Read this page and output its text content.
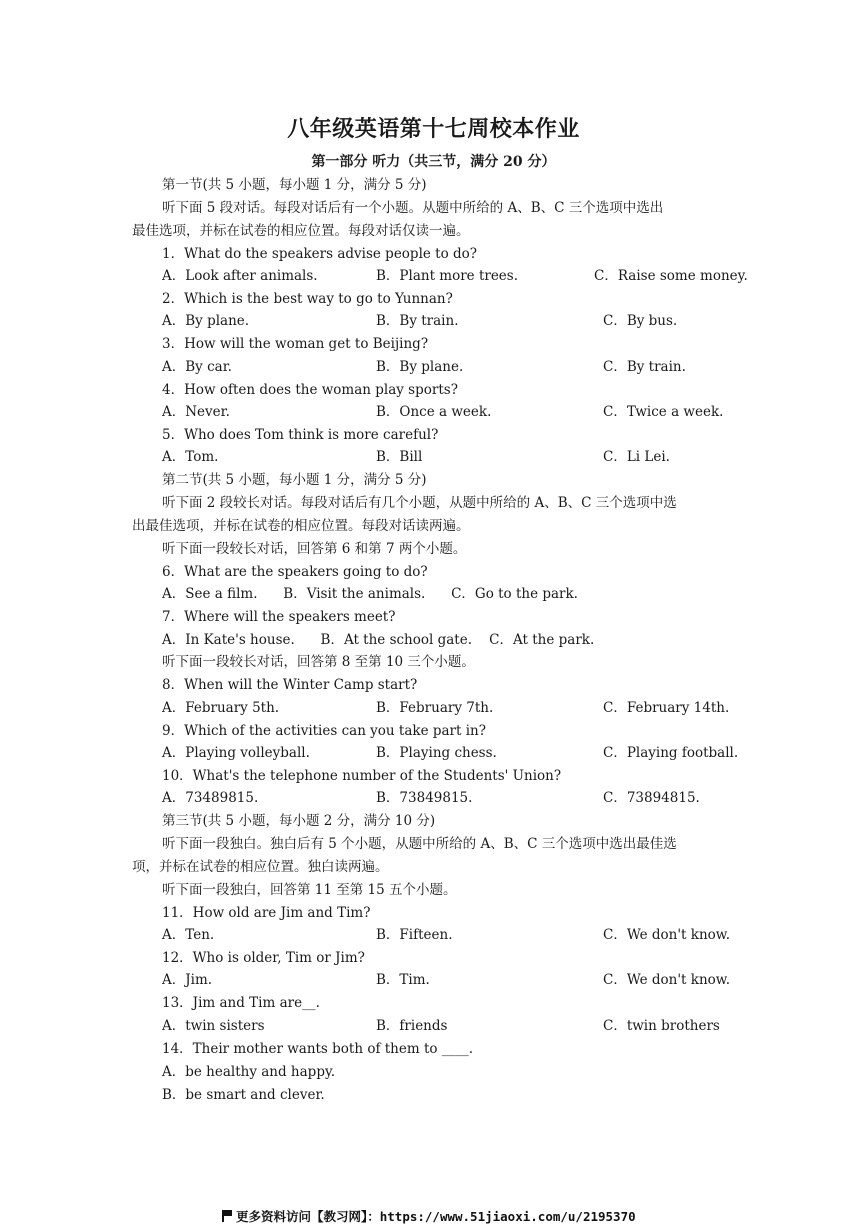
八年级英语第十七周校本作业
第一部分 听力（共三节，满分 20 分）
第一节(共 5 小题，每小题 1 分，满分 5 分)
听下面 5 段对话。每段对话后有一个小题。从题中所给的 A、B、C 三个选项中选出
最佳选项，并标在试卷的相应位置。每段对话仅读一遍。
1．What do the speakers advise people to do?
A．Look after animals.	B．Plant more trees.	C．Raise some money.
2．Which is the best way to go to Yunnan?
A．By plane.	B．By train.	C．By bus.
3．How will the woman get to Beijing?
A．By car.	B．By plane.	C．By train.
4．How often does the woman play sports?
A．Never.	B．Once a week.	C．Twice a week.
5．Who does Tom think is more careful?
A．Tom.	B．Bill	C．Li Lei.
第二节(共 5 小题，每小题 1 分，满分 5 分)
听下面 2 段较长对话。每段对话后有几个小题，从题中所给的 A、B、C 三个选项中选
出最佳选项，并标在试卷的相应位置。每段对话读两遍。
听下面一段较长对话，回答第 6 和第 7 两个小题。
6．What are the speakers going to do?
A．See a film.      B．Visit the animals.      C．Go to the park.
7．Where will the speakers meet?
A．In Kate's house.      B．At the school gate.    C．At the park.
听下面一段较长对话，回答第 8 至第 10 三个小题。
8．When will the Winter Camp start?
A．February 5th.	B．February 7th.	C．February 14th.
9．Which of the activities can you take part in?
A．Playing volleyball.	B．Playing chess.	C．Playing football.
10．What's the telephone number of the Students' Union?
A．73489815.	B．73849815.	C．73894815.
第三节(共 5 小题，每小题 2 分，满分 10 分)
听下面一段独白。独白后有 5 个小题，从题中所给的 A、B、C 三个选项中选出最佳选
项，并标在试卷的相应位置。独白读两遍。
听下面一段独白，回答第 11 至第 15 五个小题。
11．How old are Jim and Tim?
A．Ten.	B．Fifteen.	C．We don't know.
12．Who is older, Tim or Jim?
A．Jim.	B．Tim.	C．We don't know.
13．Jim and Tim are__.
A．twin sisters	B．friends	C．twin brothers
14．Their mother wants both of them to ____.
A．be healthy and happy.
B．be smart and clever.
更多资料访问【教习网】：https://www.51jiaoxi.com/u/2195370
